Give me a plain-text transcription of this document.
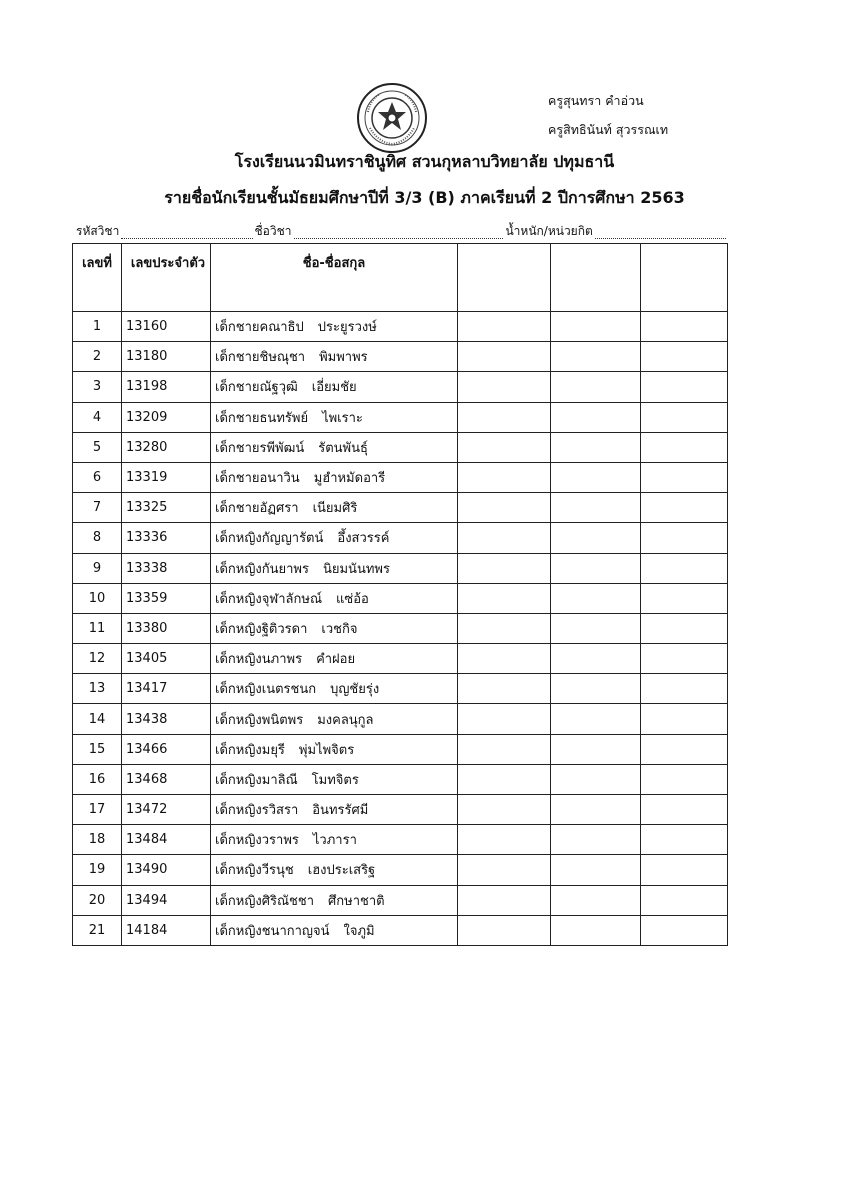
ครูสุนทรา คำอ่วน
ครูสิทธินันท์ สุวรรณเท
โรงเรียนนวมินทราชินูทิศ สวนกุหลาบวิทยาลัย ปทุมธานี
รายชื่อนักเรียนชั้นมัธยมศึกษาปีที่ 3/3 (B) ภาคเรียนที่ 2 ปีการศึกษา 2563
รหัสวิชา	ชื่อวิชา	น้ำหนัก/หน่วยกิต
เลขที่	เลขประจำตัว	ชื่อ-ชื่อสกุล			
1	13160	เด็กชายคณาธิป ประยูรวงษ์			
2	13180	เด็กชายชิษณุชา พิมพาพร			
3	13198	เด็กชายณัฐวุฒิ เอี่ยมชัย			
4	13209	เด็กชายธนทรัพย์ ไพเราะ			
5	13280	เด็กชายรพีพัฒน์ รัตนพันธุ์			
6	13319	เด็กชายอนาวิน มูฮำหมัดอารี			
7	13325	เด็กชายอัฏศรา เนียมศิริ			
8	13336	เด็กหญิงกัญญารัตน์ อึ้งสวรรค์			
9	13338	เด็กหญิงกันยาพร นิยมนันทพร			
10	13359	เด็กหญิงจุฬาลักษณ์ แซ่อ้อ			
11	13380	เด็กหญิงฐิติวรดา เวชกิจ			
12	13405	เด็กหญิงนภาพร คำฝอย			
13	13417	เด็กหญิงเนตรชนก บุญชัยรุ่ง			
14	13438	เด็กหญิงพนิตพร มงคลนุกูล			
15	13466	เด็กหญิงมยุรี พุ่มไพจิตร			
16	13468	เด็กหญิงมาลิณี โมทจิตร			
17	13472	เด็กหญิงรวิสรา อินทรรัศมี			
18	13484	เด็กหญิงวราพร ไวภารา			
19	13490	เด็กหญิงวีรนุช เฮงประเสริฐ			
20	13494	เด็กหญิงศิริณัชชา ศึกษาชาติ			
21	14184	เด็กหญิงชนากาญจน์ ใจภูมิ			
